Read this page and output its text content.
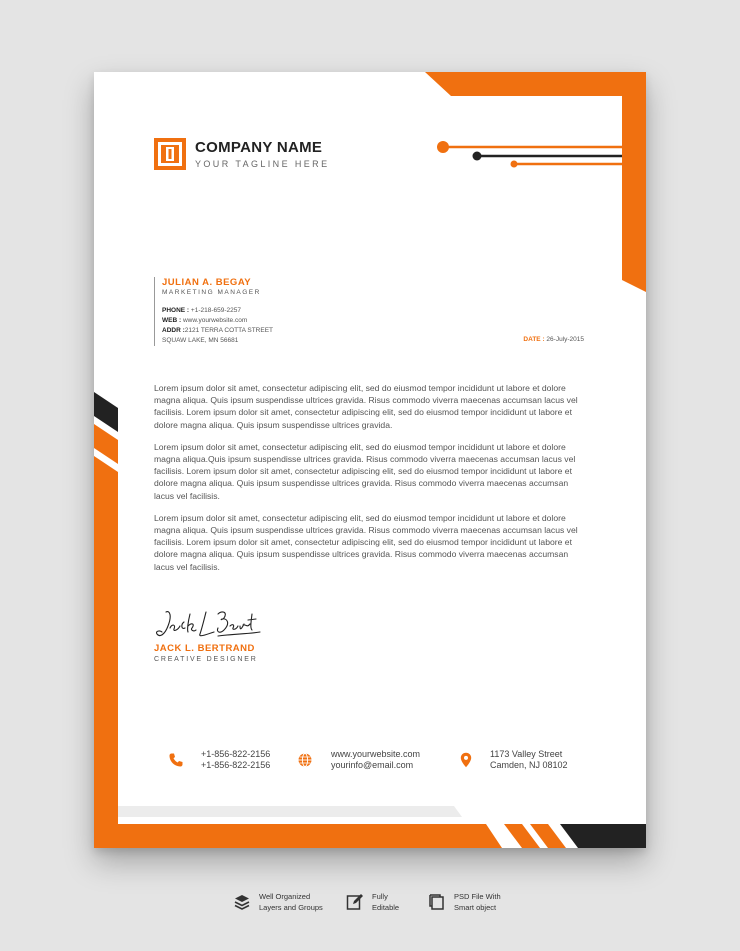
COMPANY NAME
YOUR TAGLINE HERE
JULIAN A. BEGAY
MARKETING MANAGER
PHONE : +1-218-659-2257
WEB : www.yourwebsite.com
ADDR :2121 TERRA COTTA STREET
SQUAW LAKE, MN 56681	DATE : 26-July-2015

Lorem ipsum dolor sit amet, consectetur adipiscing elit, sed do eiusmod tempor incididunt ut labore et dolore magna aliqua. Quis ipsum suspendisse ultrices gravida. Risus commodo viverra maecenas accumsan lacus vel facilisis. Lorem ipsum dolor sit amet, consectetur adipiscing elit, sed do eiusmod tempor incididunt ut labore et dolore magna aliqua. Quis ipsum suspendisse ultrices gravida.

Lorem ipsum dolor sit amet, consectetur adipiscing elit, sed do eiusmod tempor incididunt ut labore et dolore magna aliqua.Quis ipsum suspendisse ultrices gravida. Risus commodo viverra maecenas accumsan lacus vel facilisis. Lorem ipsum dolor sit amet, consectetur adipiscing elit, sed do eiusmod tempor incididunt ut labore et dolore magna aliqua. Quis ipsum suspendisse ultrices gravida. Risus commodo viverra maecenas accumsan lacus vel facilisis.

Lorem ipsum dolor sit amet, consectetur adipiscing elit, sed do eiusmod tempor incididunt ut labore et dolore magna aliqua. Quis ipsum suspendisse ultrices gravida. Risus commodo viverra maecenas accumsan lacus vel facilisis. Lorem ipsum dolor sit amet, consectetur adipiscing elit, sed do eiusmod tempor incididunt ut labore et dolore magna aliqua. Quis ipsum suspendisse ultrices gravida. Risus commodo viverra maecenas accumsan lacus vel facilisis.

JACK L. BERTRAND
CREATIVE DESIGNER
+1-856-822-2156
+1-856-822-2156
www.yourwebsite.com
yourinfo@email.com
1173 Valley Street
Camden, NJ 08102
Well Organized
Layers and Groups
Fully
Editable
PSD File With
Smart object
